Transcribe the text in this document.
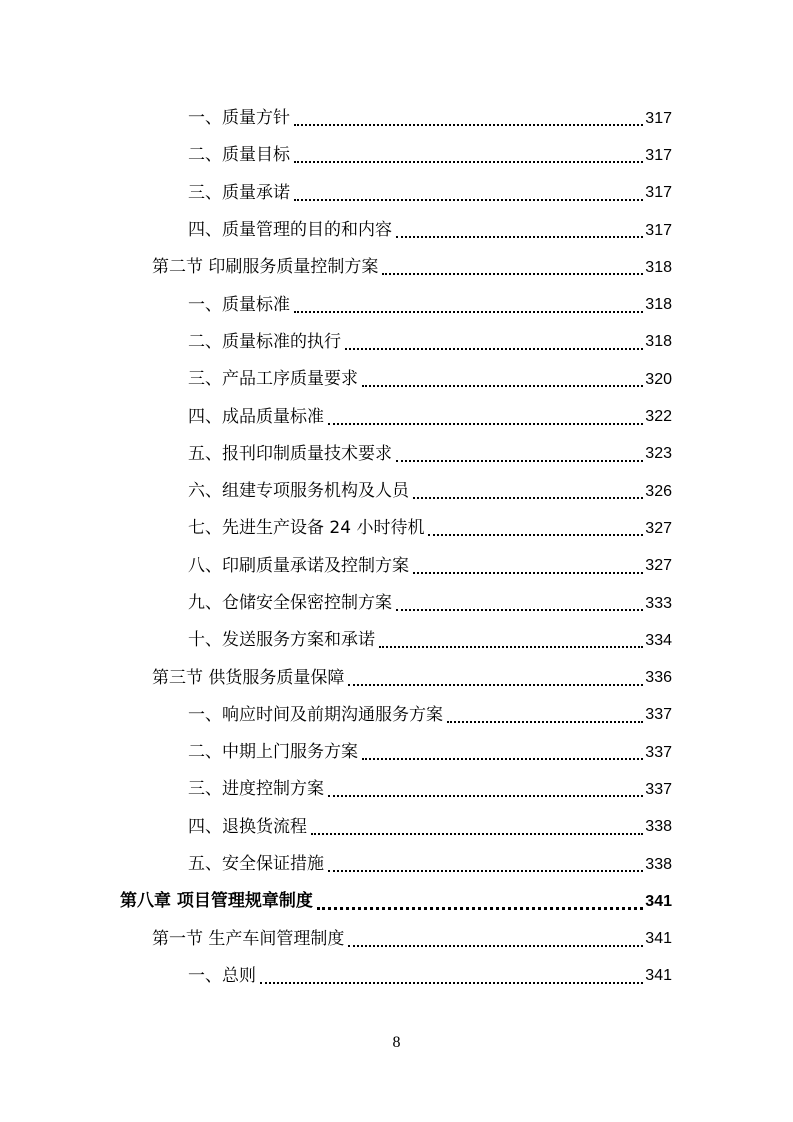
一、质量方针	317
二、质量目标	317
三、质量承诺	317
四、质量管理的目的和内容	317
第二节 印刷服务质量控制方案	318
一、质量标准	318
二、质量标准的执行	318
三、产品工序质量要求	320
四、成品质量标准	322
五、报刊印制质量技术要求	323
六、组建专项服务机构及人员	326
七、先进生产设备 24 小时待机	327
八、印刷质量承诺及控制方案	327
九、仓储安全保密控制方案	333
十、发送服务方案和承诺	334
第三节 供货服务质量保障	336
一、响应时间及前期沟通服务方案	337
二、中期上门服务方案	337
三、进度控制方案	337
四、退换货流程	338
五、安全保证措施	338
第八章 项目管理规章制度	341
第一节 生产车间管理制度	341
一、总则	341
8
